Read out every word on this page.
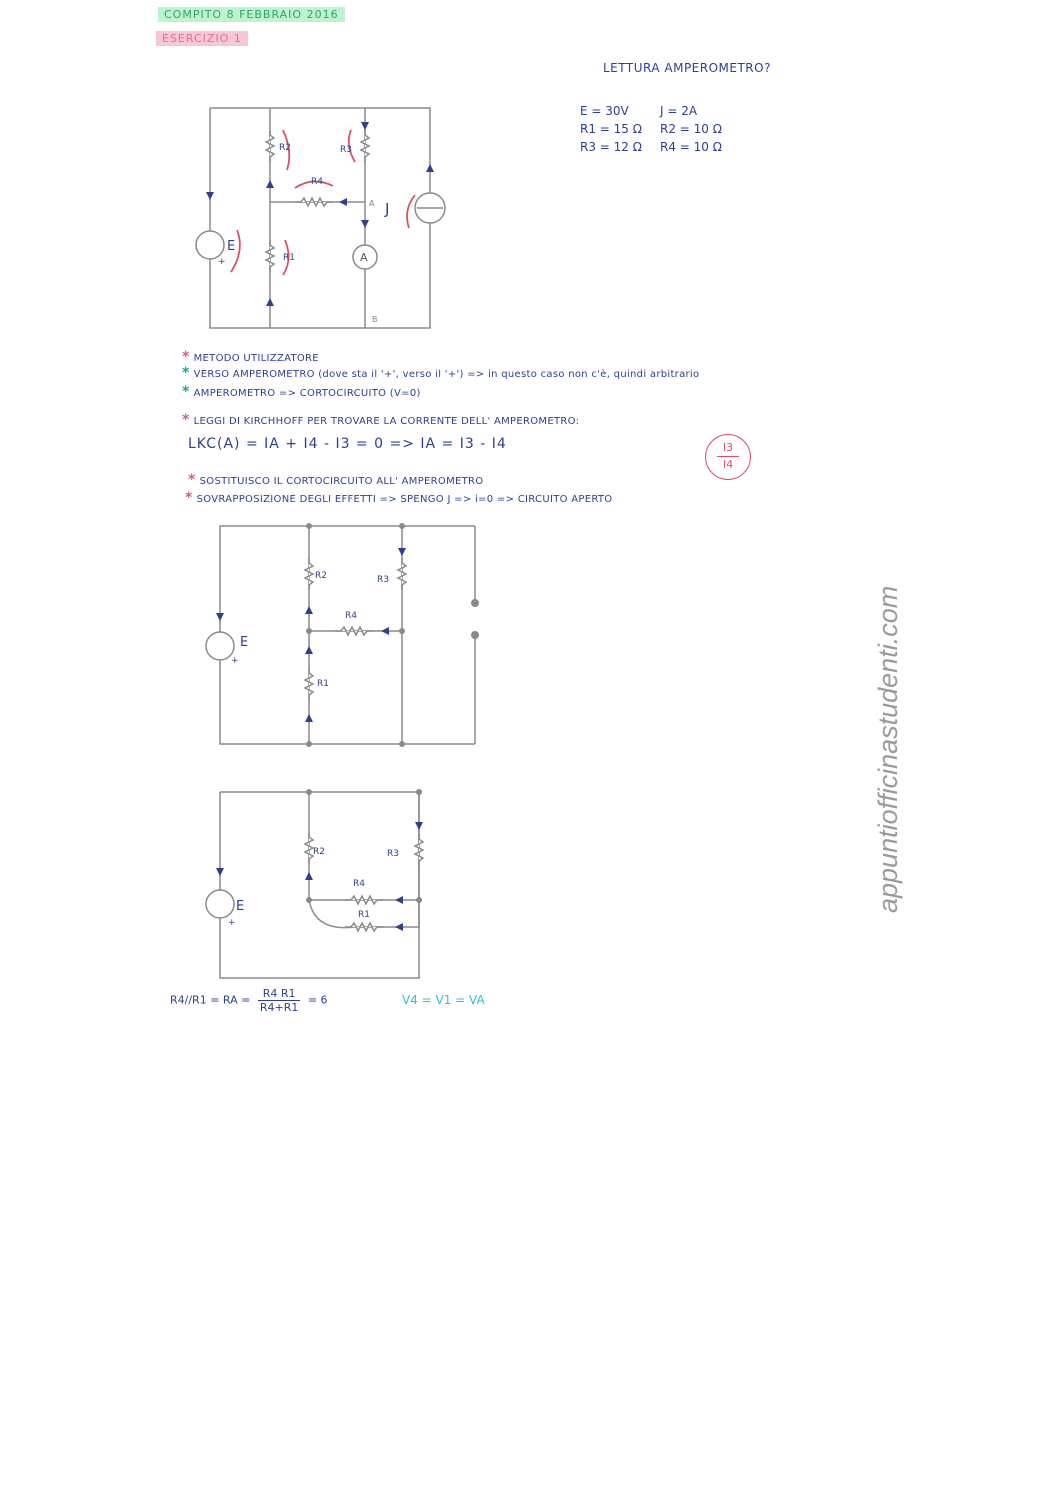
COMPITO 8 FEBBRAIO 2016
ESERCIZIO 1
LETTURA AMPEROMETRO?
E = 30V	J = 2A
R1 = 15 Ω R2 = 10 Ω
R3 = 12 Ω R4 = 10 Ω
R2	R3
R4
R1
E
+
J
A
A
B
* METODO UTILIZZATORE
* VERSO AMPEROMETRO (dove sta il '+', verso il '+') => in questo caso non c'è, quindi arbitrario
* AMPEROMETRO => CORTOCIRCUITO (V=0)
* LEGGI DI KIRCHHOFF PER TROVARE LA CORRENTE DELL' AMPEROMETRO:
LKC(A) = IA + I4 - I3 = 0 => IA = I3 - I4	I3
I4
* SOSTITUISCO IL CORTOCIRCUITO ALL' AMPEROMETRO
* SOVRAPPOSIZIONE DEGLI EFFETTI => SPENGO J => i=0 => CIRCUITO APERTO
R2	R3
R4
R1
E
+
R2	R3
R4
R1
E
+
R4//R1 = RA = $\frac{R4 R1}{R4+R1} = 6$	V4 = V1 = VA
appuntiofficinastudenti.com
